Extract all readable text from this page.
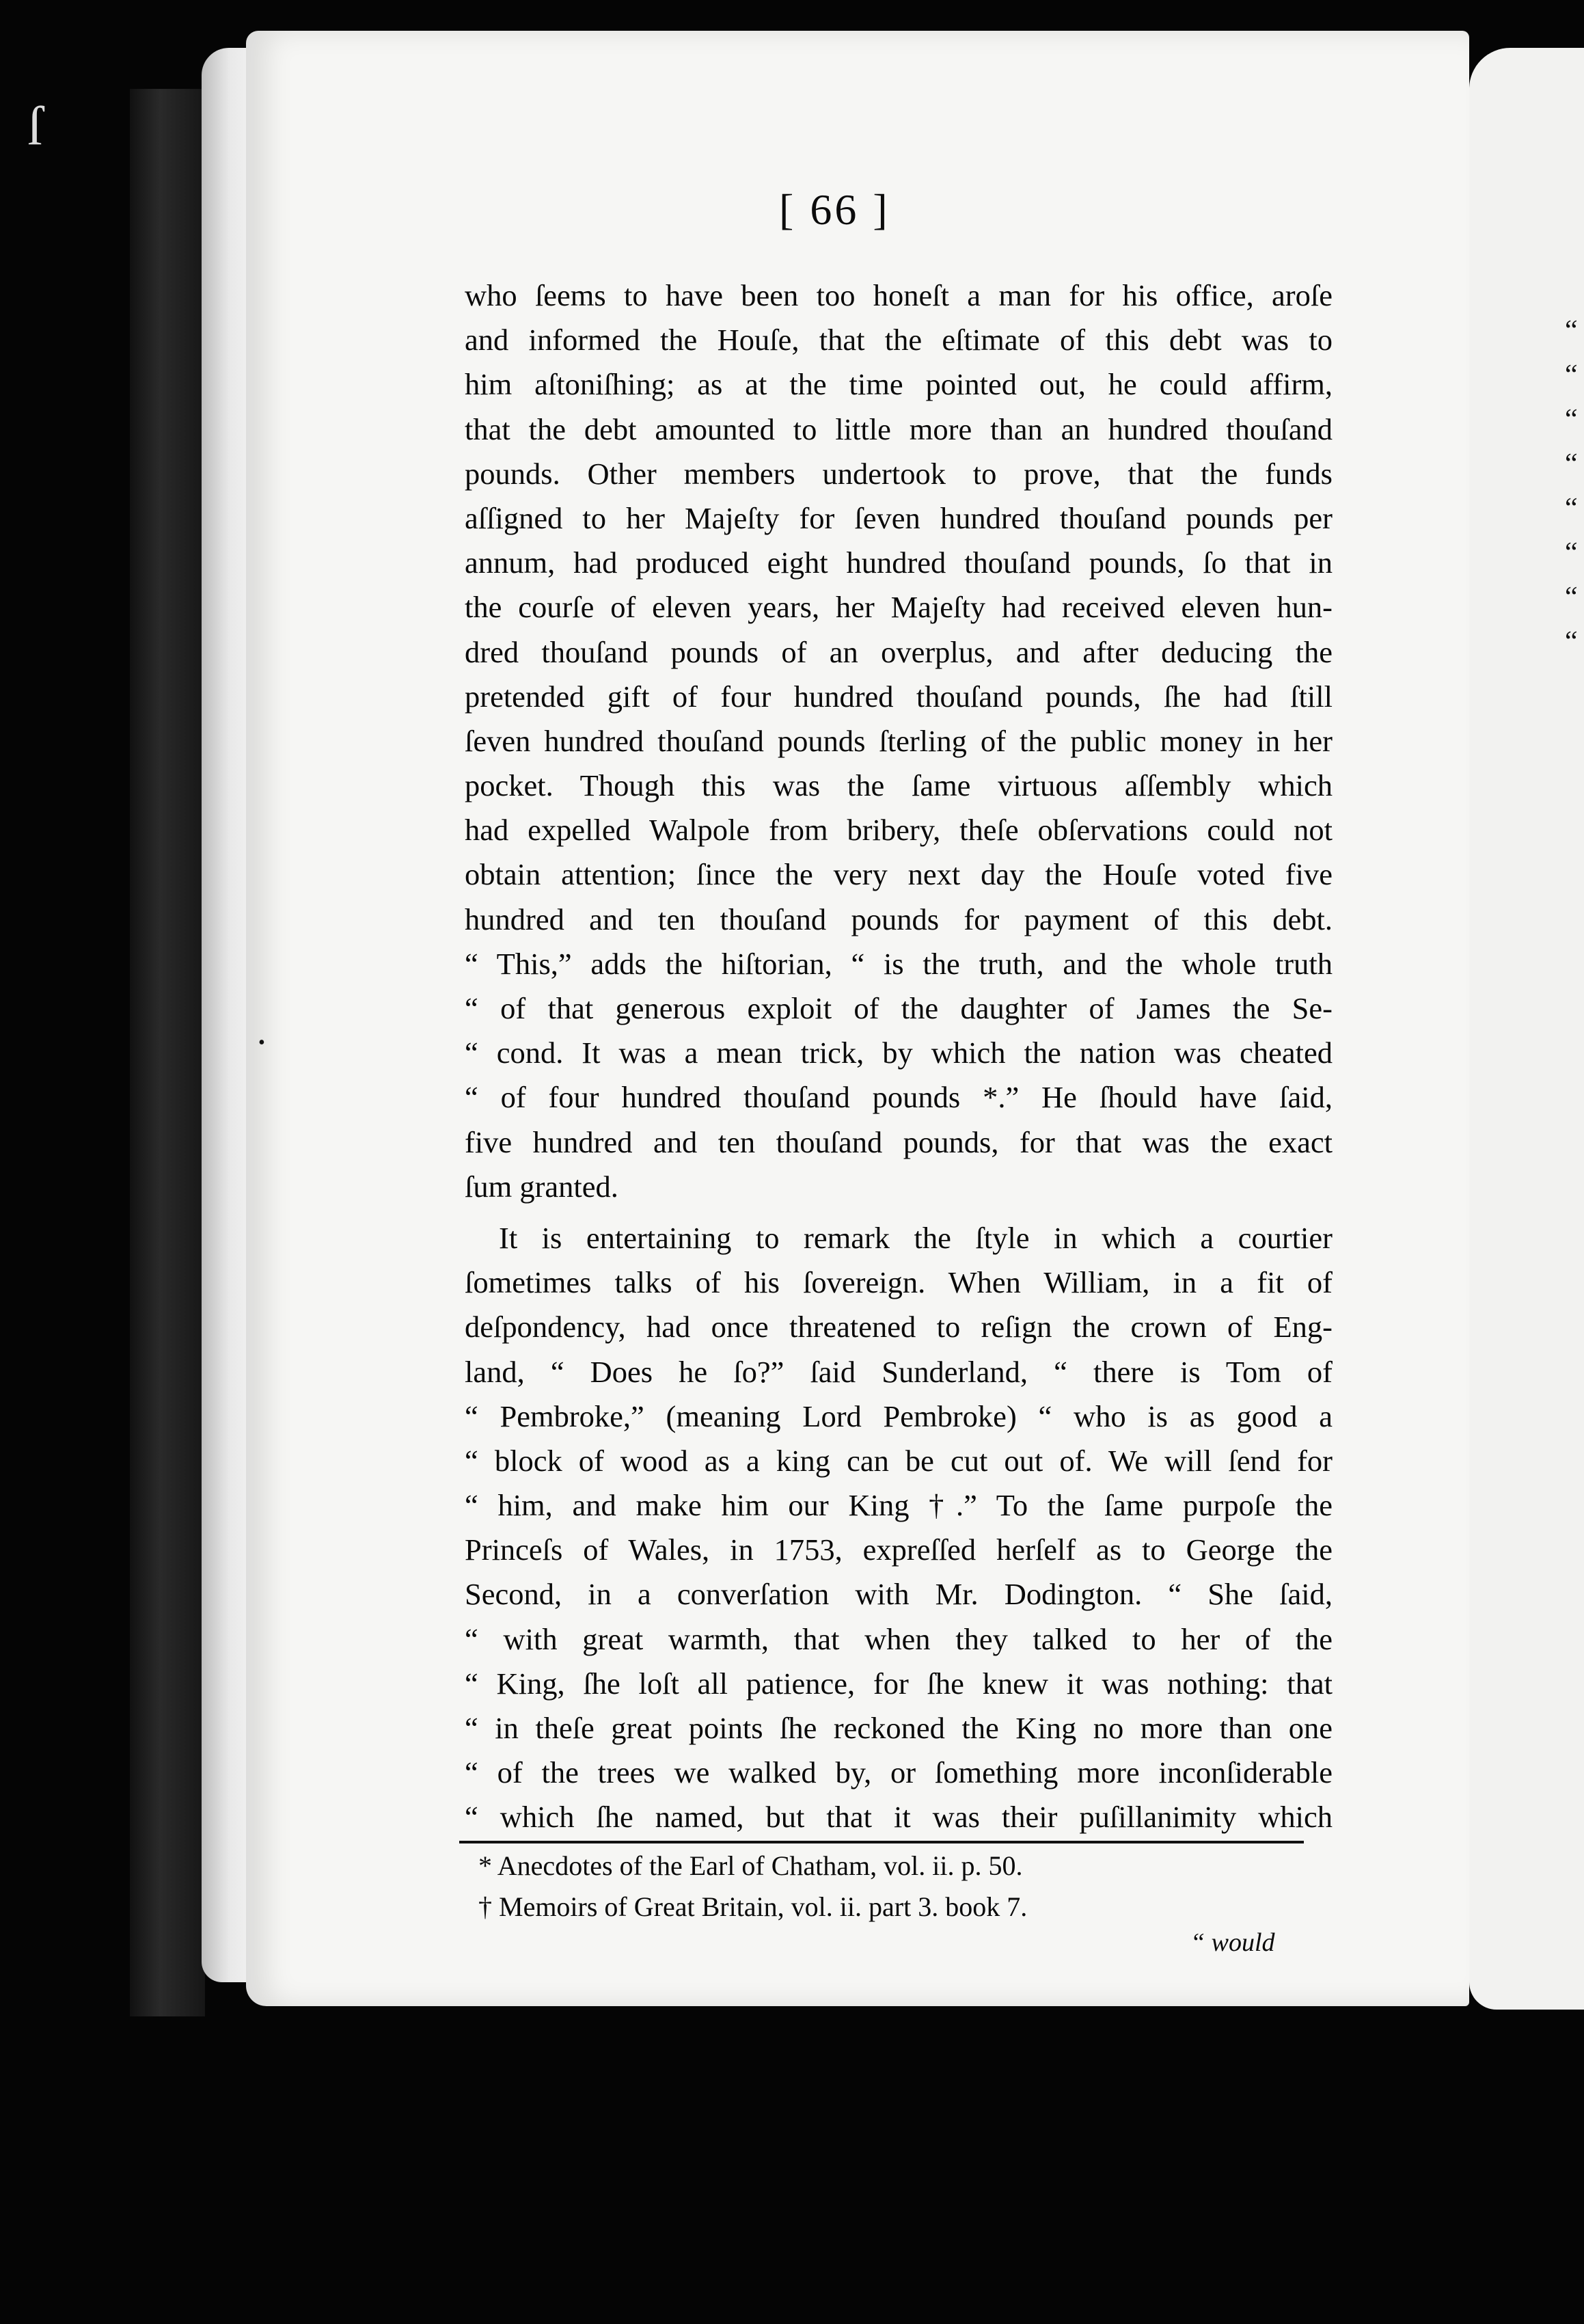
ſ
“
“
“
“
“
“
“
“
[ 66 ]
•
who ſeems to have been too honeſt a man for his office, aroſe
and informed the Houſe, that the eſtimate of this debt was to
him aſtoniſhing; as at the time pointed out, he could affirm,
that the debt amounted to little more than an hundred thouſand
pounds. Other members undertook to prove, that the funds
aſſigned to her Majeſty for ſeven hundred thouſand pounds per
annum, had produced eight hundred thouſand pounds, ſo that in
the courſe of eleven years, her Majeſty had received eleven hun-
dred thouſand pounds of an overplus, and after deducing the
pretended gift of four hundred thouſand pounds, ſhe had ſtill
ſeven hundred thouſand pounds ſterling of the public money in her
pocket. Though this was the ſame virtuous aſſembly which
had expelled Walpole from bribery, theſe obſervations could not
obtain attention; ſince the very next day the Houſe voted five
hundred and ten thouſand pounds for payment of this debt.
“ This,” adds the hiſtorian, “ is the truth, and the whole truth
“ of that generous exploit of the daughter of James the Se-
“ cond. It was a mean trick, by which the nation was cheated
“ of four hundred thouſand pounds *.” He ſhould have ſaid,
five hundred and ten thouſand pounds, for that was the exact
ſum granted.
It is entertaining to remark the ſtyle in which a courtier
ſometimes talks of his ſovereign. When William, in a fit of
deſpondency, had once threatened to reſign the crown of Eng-
land, “ Does he ſo?” ſaid Sunderland, “ there is Tom of
“ Pembroke,” (meaning Lord Pembroke) “ who is as good a
“ block of wood as a king can be cut out of. We will ſend for
“ him, and make him our King †.” To the ſame purpoſe the
Princeſs of Wales, in 1753, expreſſed herſelf as to George the
Second, in a converſation with Mr. Dodington. “ She ſaid,
“ with great warmth, that when they talked to her of the
“ King, ſhe loſt all patience, for ſhe knew it was nothing: that
“ in theſe great points ſhe reckoned the King no more than one
“ of the trees we walked by, or ſomething more inconſiderable
“ which ſhe named, but that it was their puſillanimity which
* Anecdotes of the Earl of Chatham, vol. ii. p. 50.
† Memoirs of Great Britain, vol. ii. part 3. book 7.
“ would
